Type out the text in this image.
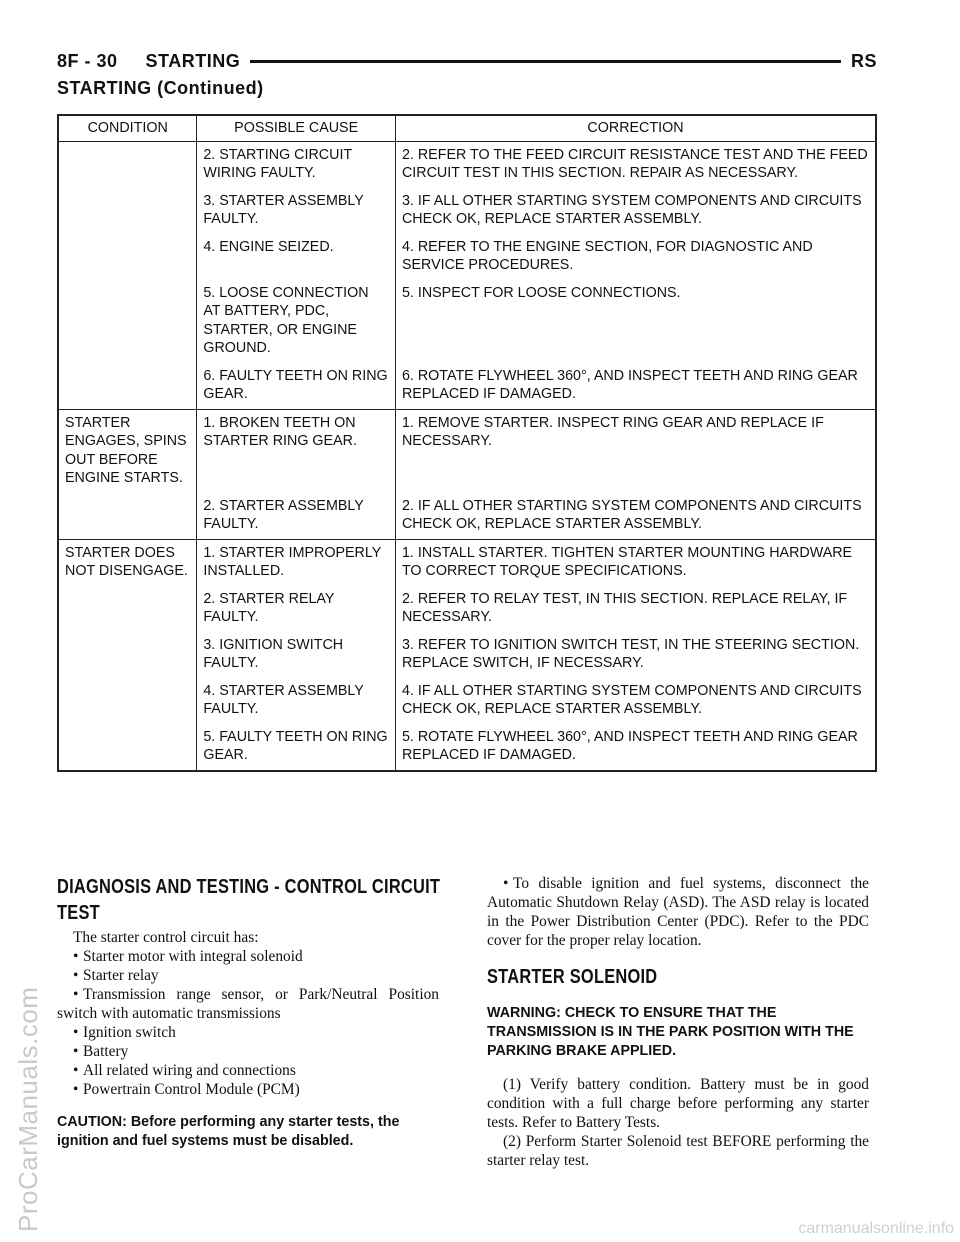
ProCarManuals.com	carmanualsonline.info
8F - 30 STARTING	RS
STARTING (Continued)
CONDITION	POSSIBLE CAUSE	CORRECTION
	2. STARTING CIRCUIT WIRING FAULTY.	2. REFER TO THE FEED CIRCUIT RESISTANCE TEST AND THE FEED CIRCUIT TEST IN THIS SECTION. REPAIR AS NECESSARY.
	3. STARTER ASSEMBLY FAULTY.	3. IF ALL OTHER STARTING SYSTEM COMPONENTS AND CIRCUITS CHECK OK, REPLACE STARTER ASSEMBLY.
	4. ENGINE SEIZED.	4. REFER TO THE ENGINE SECTION, FOR DIAGNOSTIC AND SERVICE PROCEDURES.
	5. LOOSE CONNECTION AT BATTERY, PDC, STARTER, OR ENGINE GROUND.	5. INSPECT FOR LOOSE CONNECTIONS.
	6. FAULTY TEETH ON RING GEAR.	6. ROTATE FLYWHEEL 360°, AND INSPECT TEETH AND RING GEAR REPLACED IF DAMAGED.
STARTER ENGAGES, SPINS OUT BEFORE ENGINE STARTS.	1. BROKEN TEETH ON STARTER RING GEAR.	1. REMOVE STARTER. INSPECT RING GEAR AND REPLACE IF NECESSARY.
	2. STARTER ASSEMBLY FAULTY.	2. IF ALL OTHER STARTING SYSTEM COMPONENTS AND CIRCUITS CHECK OK, REPLACE STARTER ASSEMBLY.
STARTER DOES NOT DISENGAGE.	1. STARTER IMPROPERLY INSTALLED.	1. INSTALL STARTER. TIGHTEN STARTER MOUNTING HARDWARE TO CORRECT TORQUE SPECIFICATIONS.
	2. STARTER RELAY FAULTY.	2. REFER TO RELAY TEST, IN THIS SECTION. REPLACE RELAY, IF NECESSARY.
	3. IGNITION SWITCH FAULTY.	3. REFER TO IGNITION SWITCH TEST, IN THE STEERING SECTION. REPLACE SWITCH, IF NECESSARY.
	4. STARTER ASSEMBLY FAULTY.	4. IF ALL OTHER STARTING SYSTEM COMPONENTS AND CIRCUITS CHECK OK, REPLACE STARTER ASSEMBLY.
	5. FAULTY TEETH ON RING GEAR.	5. ROTATE FLYWHEEL 360°, AND INSPECT TEETH AND RING GEAR REPLACED IF DAMAGED.
DIAGNOSIS AND TESTING - CONTROL CIRCUIT TEST
The starter control circuit has:
• Starter motor with integral solenoid
• Starter relay
• Transmission range sensor, or Park/Neutral Position switch with automatic transmissions
• Ignition switch
• Battery
• All related wiring and connections
• Powertrain Control Module (PCM)
CAUTION: Before performing any starter tests, the ignition and fuel systems must be disabled.
• To disable ignition and fuel systems, disconnect the Automatic Shutdown Relay (ASD). The ASD relay is located in the Power Distribution Center (PDC). Refer to the PDC cover for the proper relay location.
STARTER SOLENOID
WARNING: CHECK TO ENSURE THAT THE TRANSMISSION IS IN THE PARK POSITION WITH THE PARKING BRAKE APPLIED.
(1) Verify battery condition. Battery must be in good condition with a full charge before performing any starter tests. Refer to Battery Tests.
(2) Perform Starter Solenoid test BEFORE performing the starter relay test.
